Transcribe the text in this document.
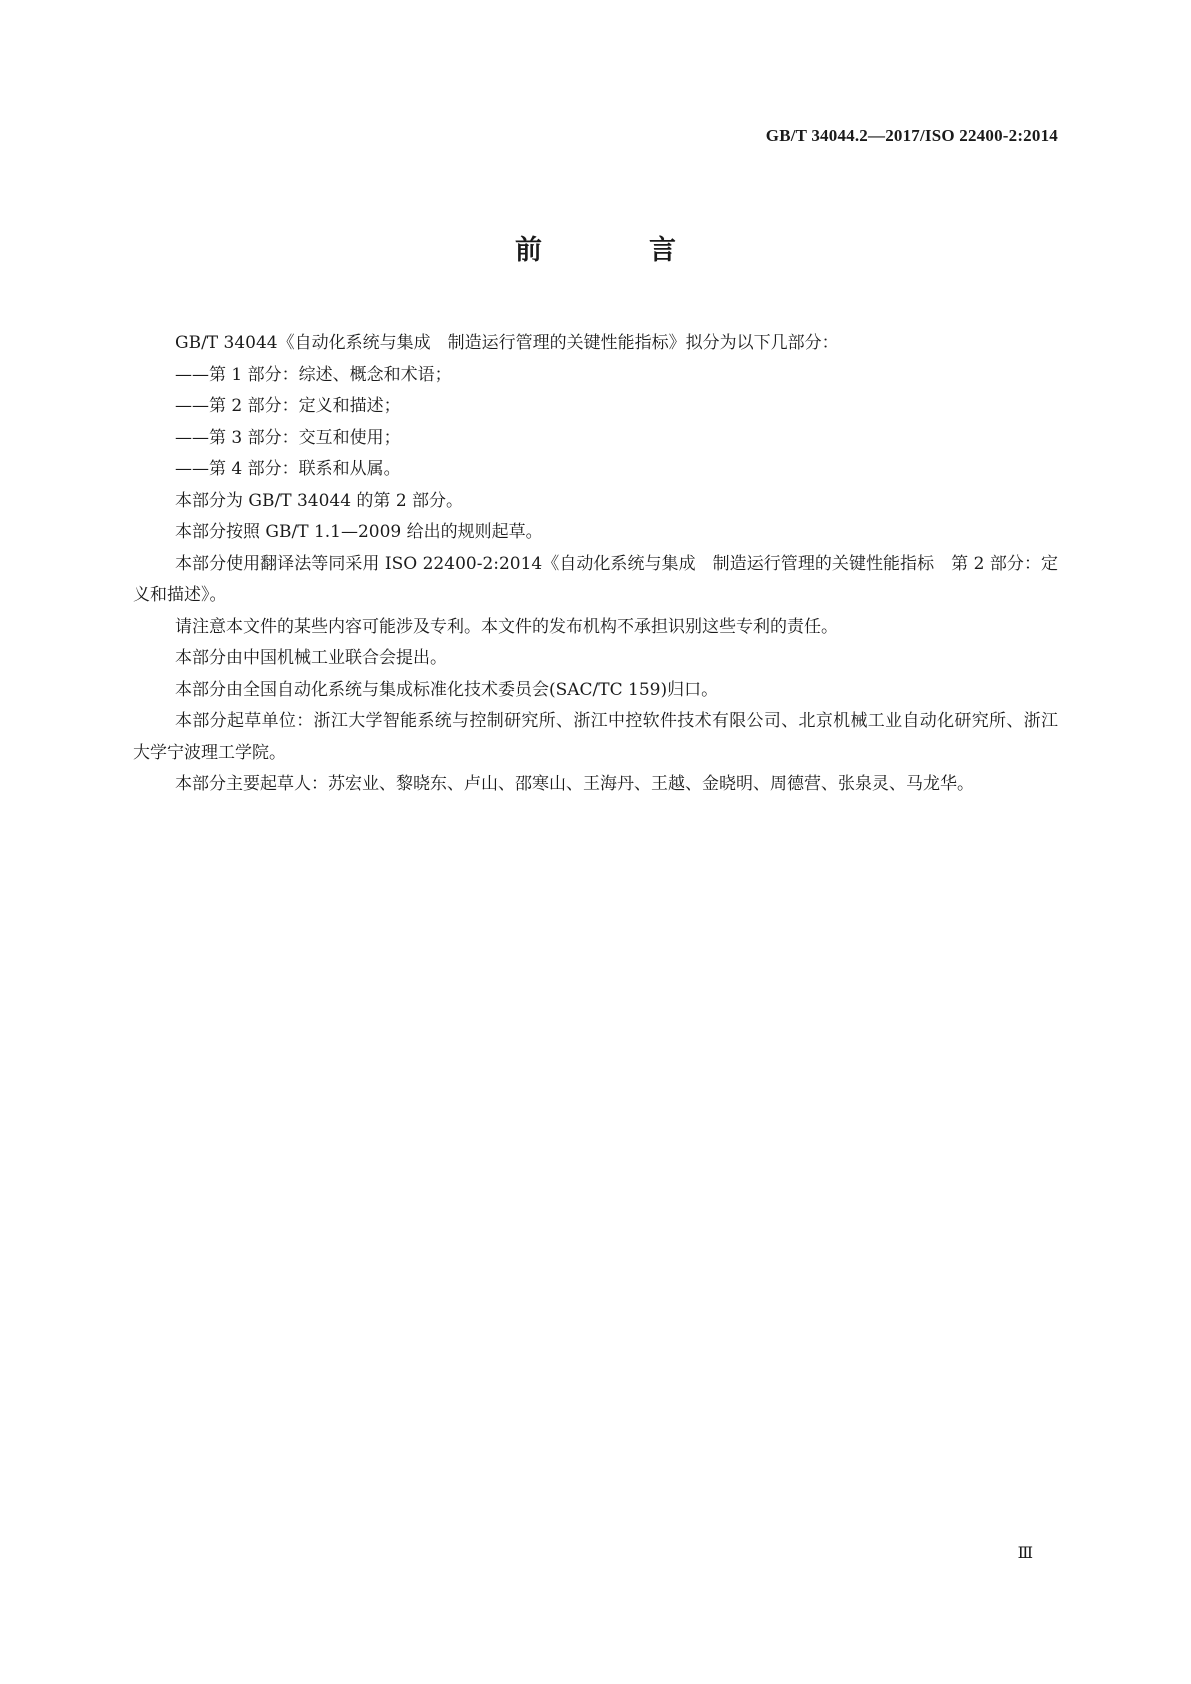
GB/T 34044.2—2017/ISO 22400-2:2014
前　言

GB/T 34044《自动化系统与集成　制造运行管理的关键性能指标》拟分为以下几部分：

——第 1 部分：综述、概念和术语；

——第 2 部分：定义和描述；

——第 3 部分：交互和使用；

——第 4 部分：联系和从属。

本部分为 GB/T 34044 的第 2 部分。

本部分按照 GB/T 1.1—2009 给出的规则起草。

本部分使用翻译法等同采用 ISO 22400-2:2014《自动化系统与集成　制造运行管理的关键性能指标　第 2 部分：定义和描述》。

请注意本文件的某些内容可能涉及专利。本文件的发布机构不承担识别这些专利的责任。

本部分由中国机械工业联合会提出。

本部分由全国自动化系统与集成标准化技术委员会(SAC/TC 159)归口。

本部分起草单位：浙江大学智能系统与控制研究所、浙江中控软件技术有限公司、北京机械工业自动化研究所、浙江大学宁波理工学院。

本部分主要起草人：苏宏业、黎晓东、卢山、邵寒山、王海丹、王越、金晓明、周德营、张泉灵、马龙华。

Ⅲ
